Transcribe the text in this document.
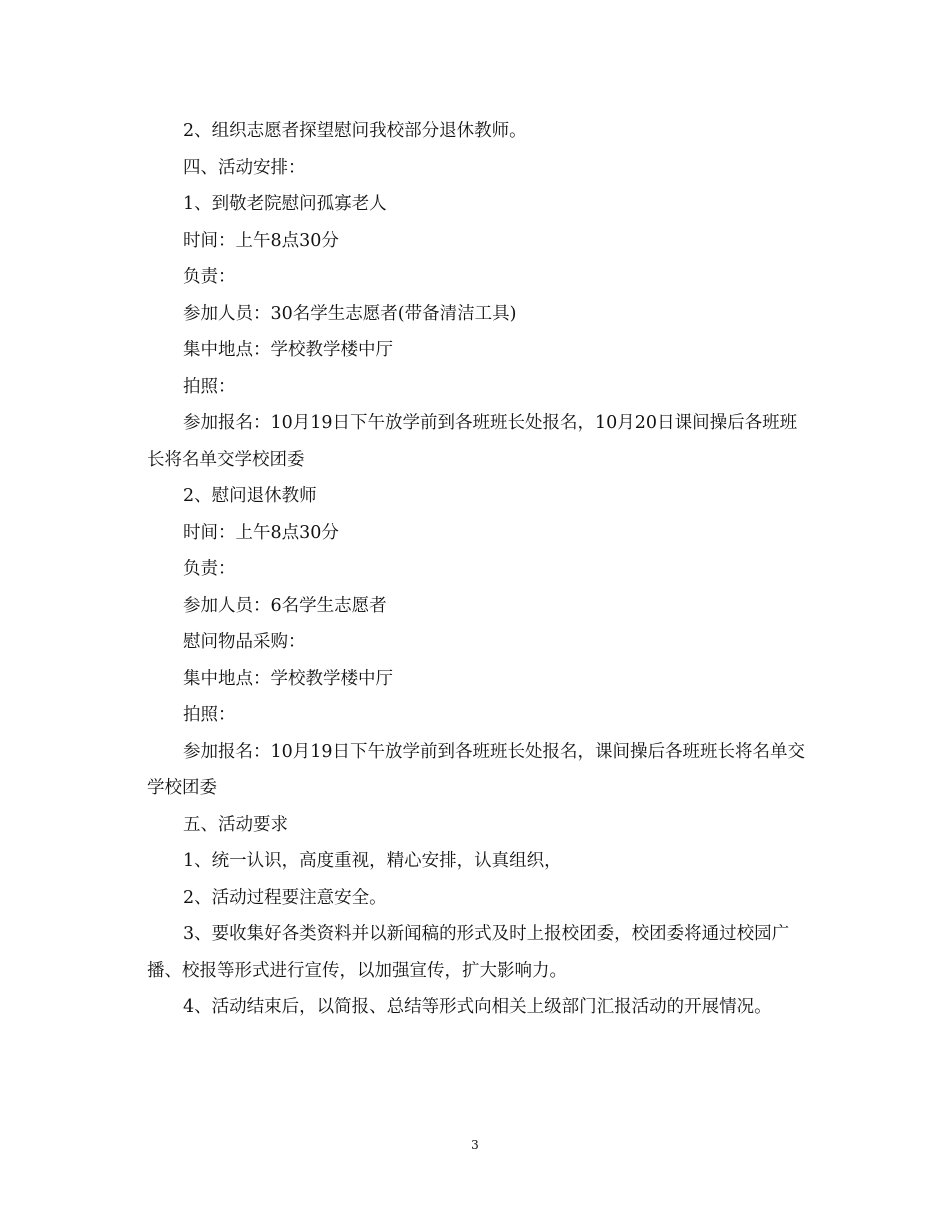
2、组织志愿者探望慰问我校部分退休教师。

四、活动安排：

1、到敬老院慰问孤寡老人

时间：上午8点30分

负责：

参加人员：30名学生志愿者(带备清洁工具)

集中地点：学校教学楼中厅

拍照：

参加报名：10月19日下午放学前到各班班长处报名，10月20日课间操后各班班长将名单交学校团委

2、慰问退休教师

时间：上午8点30分

负责：

参加人员：6名学生志愿者

慰问物品采购：

集中地点：学校教学楼中厅

拍照：

参加报名：10月19日下午放学前到各班班长处报名，课间操后各班班长将名单交学校团委

五、活动要求

1、统一认识，高度重视，精心安排，认真组织，

2、活动过程要注意安全。

3、要收集好各类资料并以新闻稿的形式及时上报校团委，校团委将通过校园广播、校报等形式进行宣传，以加强宣传，扩大影响力。

4、活动结束后，以简报、总结等形式向相关上级部门汇报活动的开展情况。

3
